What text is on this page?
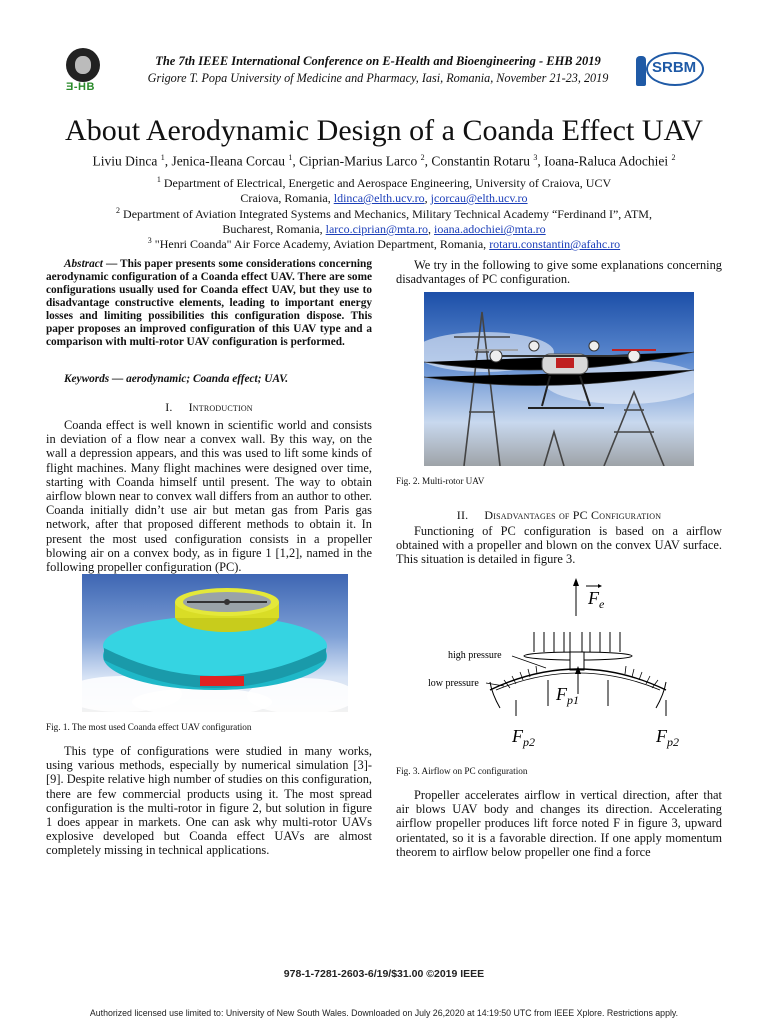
Ǝ-HB
The 7th IEEE International Conference on E-Health and Bioengineering - EHB 2019
Grigore T. Popa University of Medicine and Pharmacy, Iasi, Romania, November 21-23, 2019
SRBM
About Aerodynamic Design of a Coanda Effect UAV
Liviu Dinca $^1$, Jenica-Ileana Corcau $^1$, Ciprian-Marius Larco $^2$, Constantin Rotaru $^3$, Ioana-Raluca Adochiei $^2$
$^1$ Department of Electrical, Energetic and Aerospace Engineering, University of Craiova, UCV
Craiova, Romania, ldinca@elth.ucv.ro, jcorcau@elth.ucv.ro
$^2$ Department of Aviation Integrated Systems and Mechanics, Military Technical Academy “Ferdinand I”, ATM,
Bucharest, Romania, larco.ciprian@mta.ro, ioana.adochiei@mta.ro
$^3$ "Henri Coanda" Air Force Academy, Aviation Department, Romania, rotaru.constantin@afahc.ro

Abstract — This paper presents some considerations concerning aerodynamic configuration of a Coanda effect UAV. There are some configurations usually used for Coanda effect UAV, but they use to disadvantage constructive elements, leading to important energy losses and limiting possibilities this configuration dispose. This paper proposes an improved configuration of this UAV type and a comparison with multi-rotor UAV configuration is performed.

Keywords — aerodynamic; Coanda effect; UAV.

I. Introduction

Coanda effect is well known in scientific world and consists in deviation of a flow near a convex wall. By this way, on the wall a depression appears, and this was used to lift some kinds of flight machines. Many flight machines were designed over time, starting with Coanda himself until present. The way to obtain airflow blown near to convex wall differs from an author to other. Coanda initially didn’t use air but metan gas from Paris gas network, after that proposed different methods to obtain it. In present the most used configuration consists in a propeller blowing air on a convex body, as in figure 1 [1,2], named in the following propeller configuration (PC).

Fig. 1. The most used Coanda effect UAV configuration

This type of configurations were studied in many works, using various methods, especially by numerical simulation [3]-[9]. Despite relative high number of studies on this configuration, there are few commercial products using it. The most spread configuration is the multi-rotor in figure 2, but solution in figure 1 does appear in markets. One can ask why multi-rotor UAVs explosive developed but Coanda effect UAVs are almost completely missing in technical applications.

We try in the following to give some explanations concerning disadvantages of PC configuration.

Fig. 2. Multi-rotor UAV

II. Disadvantages of PC Configuration

Functioning of PC configuration is based on a airflow obtained with a propeller and blown on the convex UAV surface. This situation is detailed in figure 3.

$F_e$
$F_{p1}$
$F_{p2}$	$F_{p2}$
high pressure
low pressure

Fig. 3. Airflow on PC configuration

Propeller accelerates airflow in vertical direction, after that air blows UAV body and changes its direction. Accelerating airflow propeller produces lift force noted F in figure 3, upward orientated, so it is a favorable direction. If one apply momentum theorem to airflow below propeller one find a force

978-1-7281-2603-6/19/$31.00 ©2019 IEEE
Authorized licensed use limited to: University of New South Wales. Downloaded on July 26,2020 at 14:19:50 UTC from IEEE Xplore. Restrictions apply.
